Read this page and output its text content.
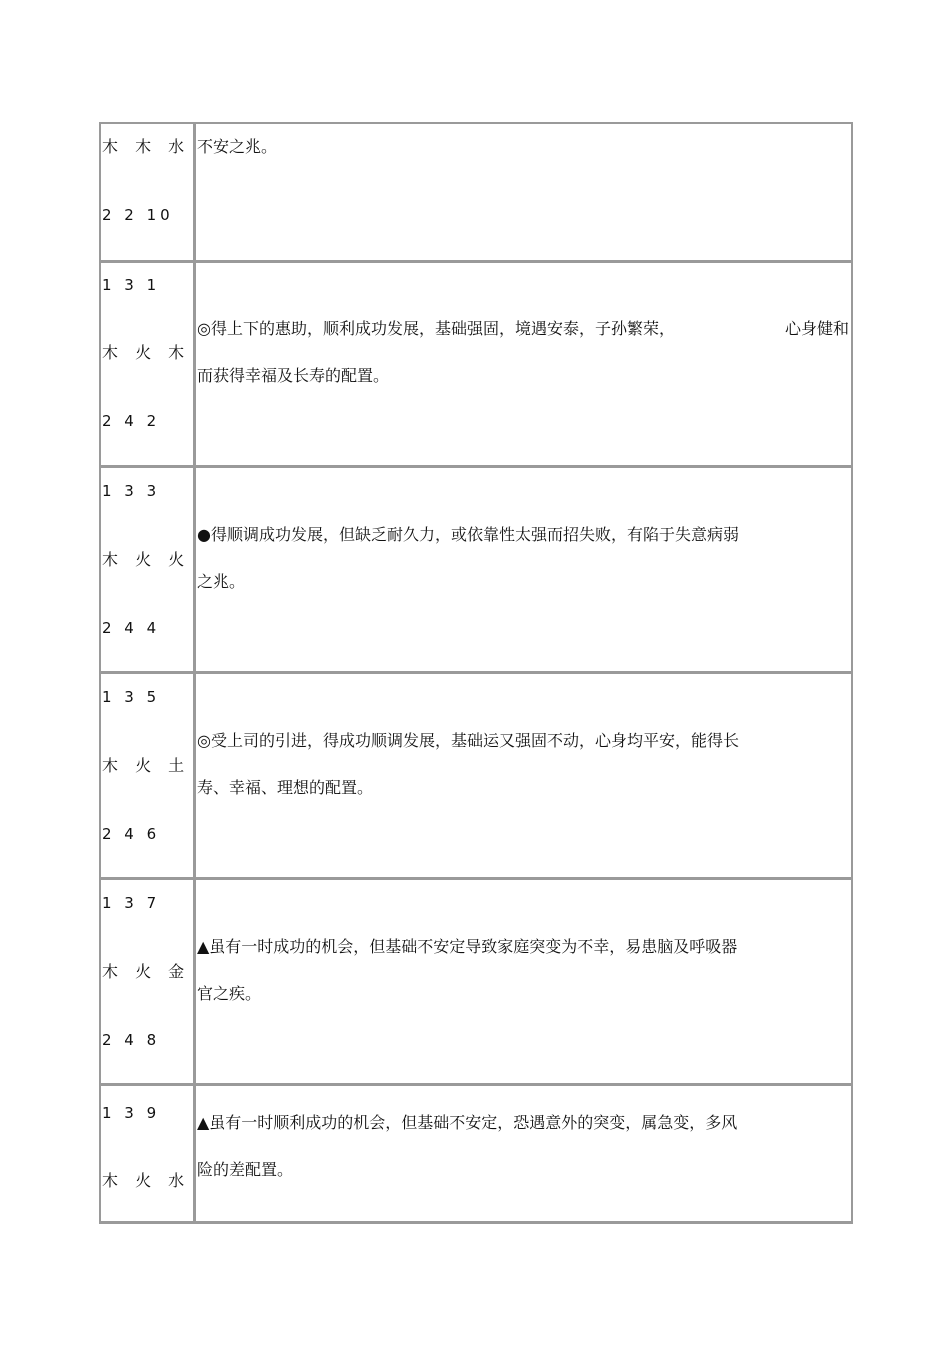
木 木 水
2 2 10
不安之兆。
1 3 1
木 火 木
2 4 2
◎得上下的惠助，顺利成功发展，基础强固，境遇安泰，子孙繁荣，	心身健和
而获得幸福及长寿的配置。
1 3 3
木 火 火
2 4 4
●得顺调成功发展，但缺乏耐久力，或依靠性太强而招失败，有陷于失意病弱
之兆。
1 3 5
木 火 土
2 4 6
◎受上司的引进，得成功顺调发展，基础运又强固不动，心身均平安，能得长
寿、幸福、理想的配置。
1 3 7
木 火 金
2 4 8
▲虽有一时成功的机会，但基础不安定导致家庭突变为不幸，易患脑及呼吸器
官之疾。
1 3 9
木 火 水
▲虽有一时顺利成功的机会，但基础不安定，恐遇意外的突变，属急变，多风
险的差配置。
